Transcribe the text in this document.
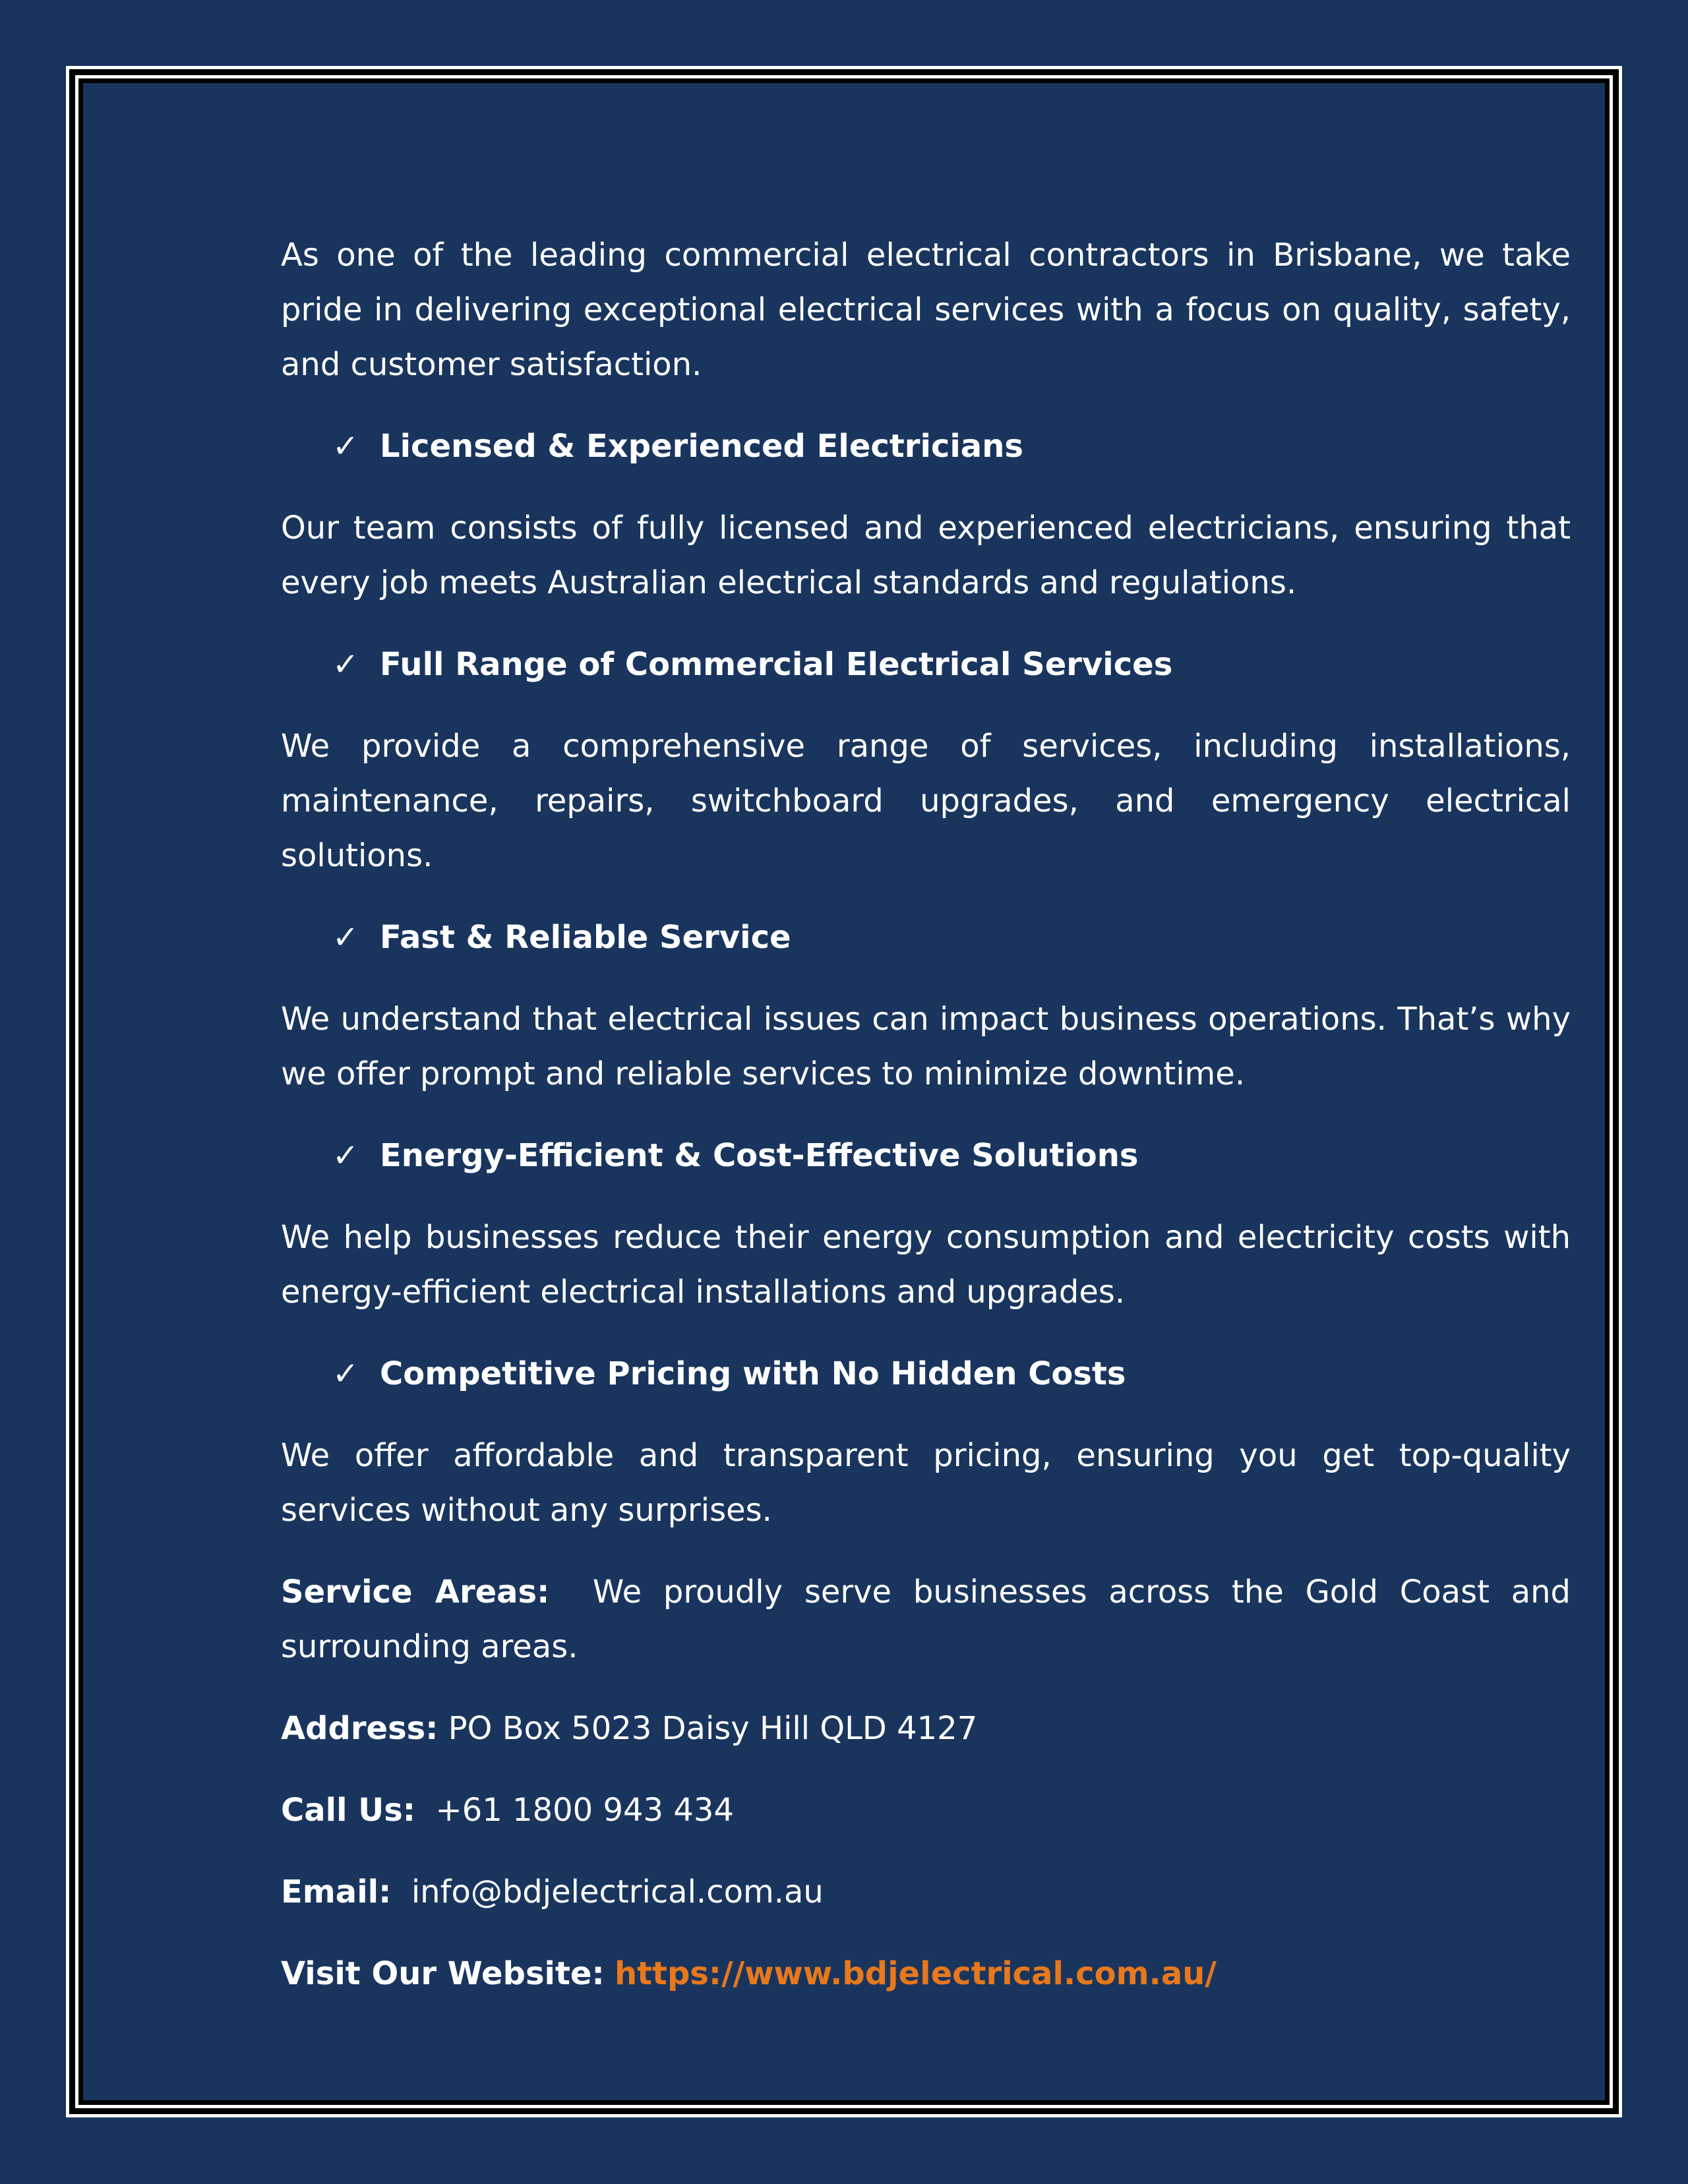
As one of the leading commercial electrical contractors in Brisbane, we take pride in delivering exceptional electrical services with a focus on quality, safety, and customer satisfaction.

✓ Licensed & Experienced Electricians

Our team consists of fully licensed and experienced electricians, ensuring that every job meets Australian electrical standards and regulations.

✓ Full Range of Commercial Electrical Services

We provide a comprehensive range of services, including installations, maintenance, repairs, switchboard upgrades, and emergency electrical solutions.

✓ Fast & Reliable Service

We understand that electrical issues can impact business operations. That’s why we offer prompt and reliable services to minimize downtime.

✓ Energy-Efficient & Cost-Effective Solutions

We help businesses reduce their energy consumption and electricity costs with energy-efficient electrical installations and upgrades.

✓ Competitive Pricing with No Hidden Costs

We offer affordable and transparent pricing, ensuring you get top-quality services without any surprises.

Service Areas: We proudly serve businesses across the Gold Coast and surrounding areas.

Address: PO Box 5023 Daisy Hill QLD 4127

Call Us: +61 1800 943 434

Email: info@bdjelectrical.com.au

Visit Our Website: https://www.bdjelectrical.com.au/
